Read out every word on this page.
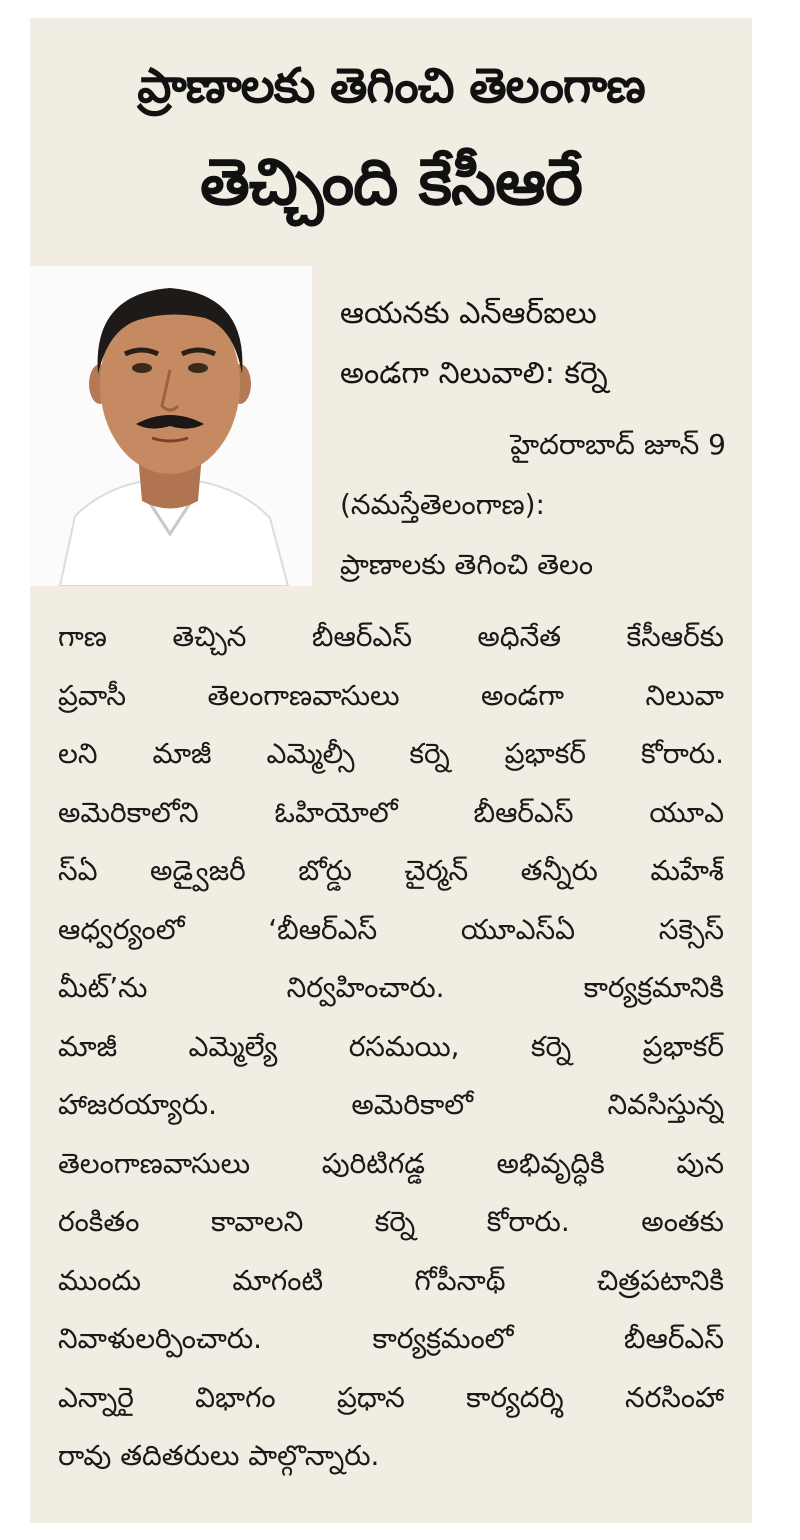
ప్రాణాలకు తెగించి తెలంగాణ
తెచ్చింది కేసీఆరే
ఆయనకు ఎన్‌ఆర్‌ఐలు
అండగా నిలువాలి: కర్నె
హైదరాబాద్‌ జూన్‌ 9
(నమస్తేతెలంగాణ):
ప్రాణాలకు తెగించి తెలం
గాణ తెచ్చిన బీఆర్‌ఎస్‌ అధినేత కేసీఆర్‌కు
ప్రవాసీ తెలంగాణవాసులు అండగా నిలువా
లని మాజీ ఎమ్మెల్సీ కర్నె ప్రభాకర్‌ కోరారు.
అమెరికాలోని ఓహియోలో బీఆర్‌ఎస్‌ యూఎ
స్‌ఏ అడ్వైజరీ బోర్డు చైర్మన్‌ తన్నీరు మహేశ్‌
ఆధ్వర్యంలో ‘బీఆర్‌ఎస్‌ యూఎస్‌ఏ సక్సెస్‌
మీట్‌’ను నిర్వహించారు. కార్యక్రమానికి
మాజీ ఎమ్మెల్యే రసమయి, కర్నె ప్రభాకర్‌
హాజరయ్యారు. అమెరికాలో నివసిస్తున్న
తెలంగాణవాసులు పురిటిగడ్డ అభివృద్ధికి పున
రంకితం కావాలని కర్నె కోరారు. అంతకు
ముందు మాగంటి గోపీనాథ్‌ చిత్రపటానికి
నివాళులర్పించారు. కార్యక్రమంలో బీఆర్‌ఎస్‌
ఎన్నారై విభాగం ప్రధాన కార్యదర్శి నరసింహా
రావు తదితరులు పాల్గొన్నారు.
